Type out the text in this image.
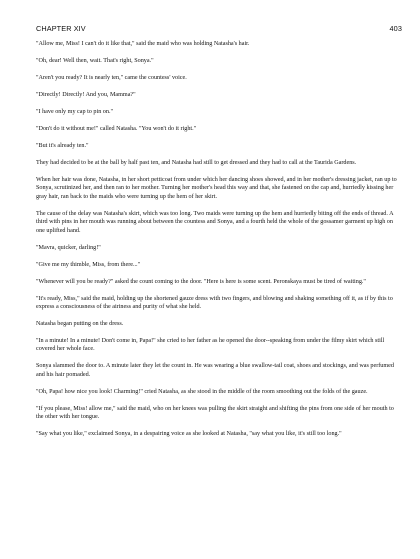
CHAPTER XIV	403

"Allow me, Miss! I can't do it like that," said the maid who was holding Natasha's hair.

"Oh, dear! Well then, wait. That's right, Sonya."

"Aren't you ready? It is nearly ten," came the countess' voice.

"Directly! Directly! And you, Mamma?"

"I have only my cap to pin on."

"Don't do it without me!" called Natasha. "You won't do it right."

"But it's already ten."

They had decided to be at the ball by half past ten, and Natasha had still to get dressed and they had to call at the Taurida Gardens.

When her hair was done, Natasha, in her short petticoat from under which her dancing shoes showed, and in her mother's dressing jacket, ran up to Sonya, scrutinized her, and then ran to her mother. Turning her mother's head this way and that, she fastened on the cap and, hurriedly kissing her gray hair, ran back to the maids who were turning up the hem of her skirt.

The cause of the delay was Natasha's skirt, which was too long. Two maids were turning up the hem and hurriedly biting off the ends of thread. A third with pins in her mouth was running about between the countess and Sonya, and a fourth held the whole of the gossamer garment up high on one uplifted hand.

"Mavra, quicker, darling!"

"Give me my thimble, Miss, from there..."

"Whenever will you be ready?" asked the count coming to the door. "Here is here is some scent. Peronskaya must be tired of waiting."

"It's ready, Miss," said the maid, holding up the shortened gauze dress with two fingers, and blowing and shaking something off it, as if by this to express a consciousness of the airiness and purity of what she held.

Natasha began putting on the dress.

"In a minute! In a minute! Don't come in, Papa!" she cried to her father as he opened the door--speaking from under the filmy skirt which still covered her whole face.

Sonya slammed the door to. A minute later they let the count in. He was wearing a blue swallow-tail coat, shoes and stockings, and was perfumed and his hair pomaded.

"Oh, Papa! how nice you look! Charming!" cried Natasha, as she stood in the middle of the room smoothing out the folds of the gauze.

"If you please, Miss! allow me," said the maid, who on her knees was pulling the skirt straight and shifting the pins from one side of her mouth to the other with her tongue.

"Say what you like," exclaimed Sonya, in a despairing voice as she looked at Natasha, "say what you like, it's still too long."
